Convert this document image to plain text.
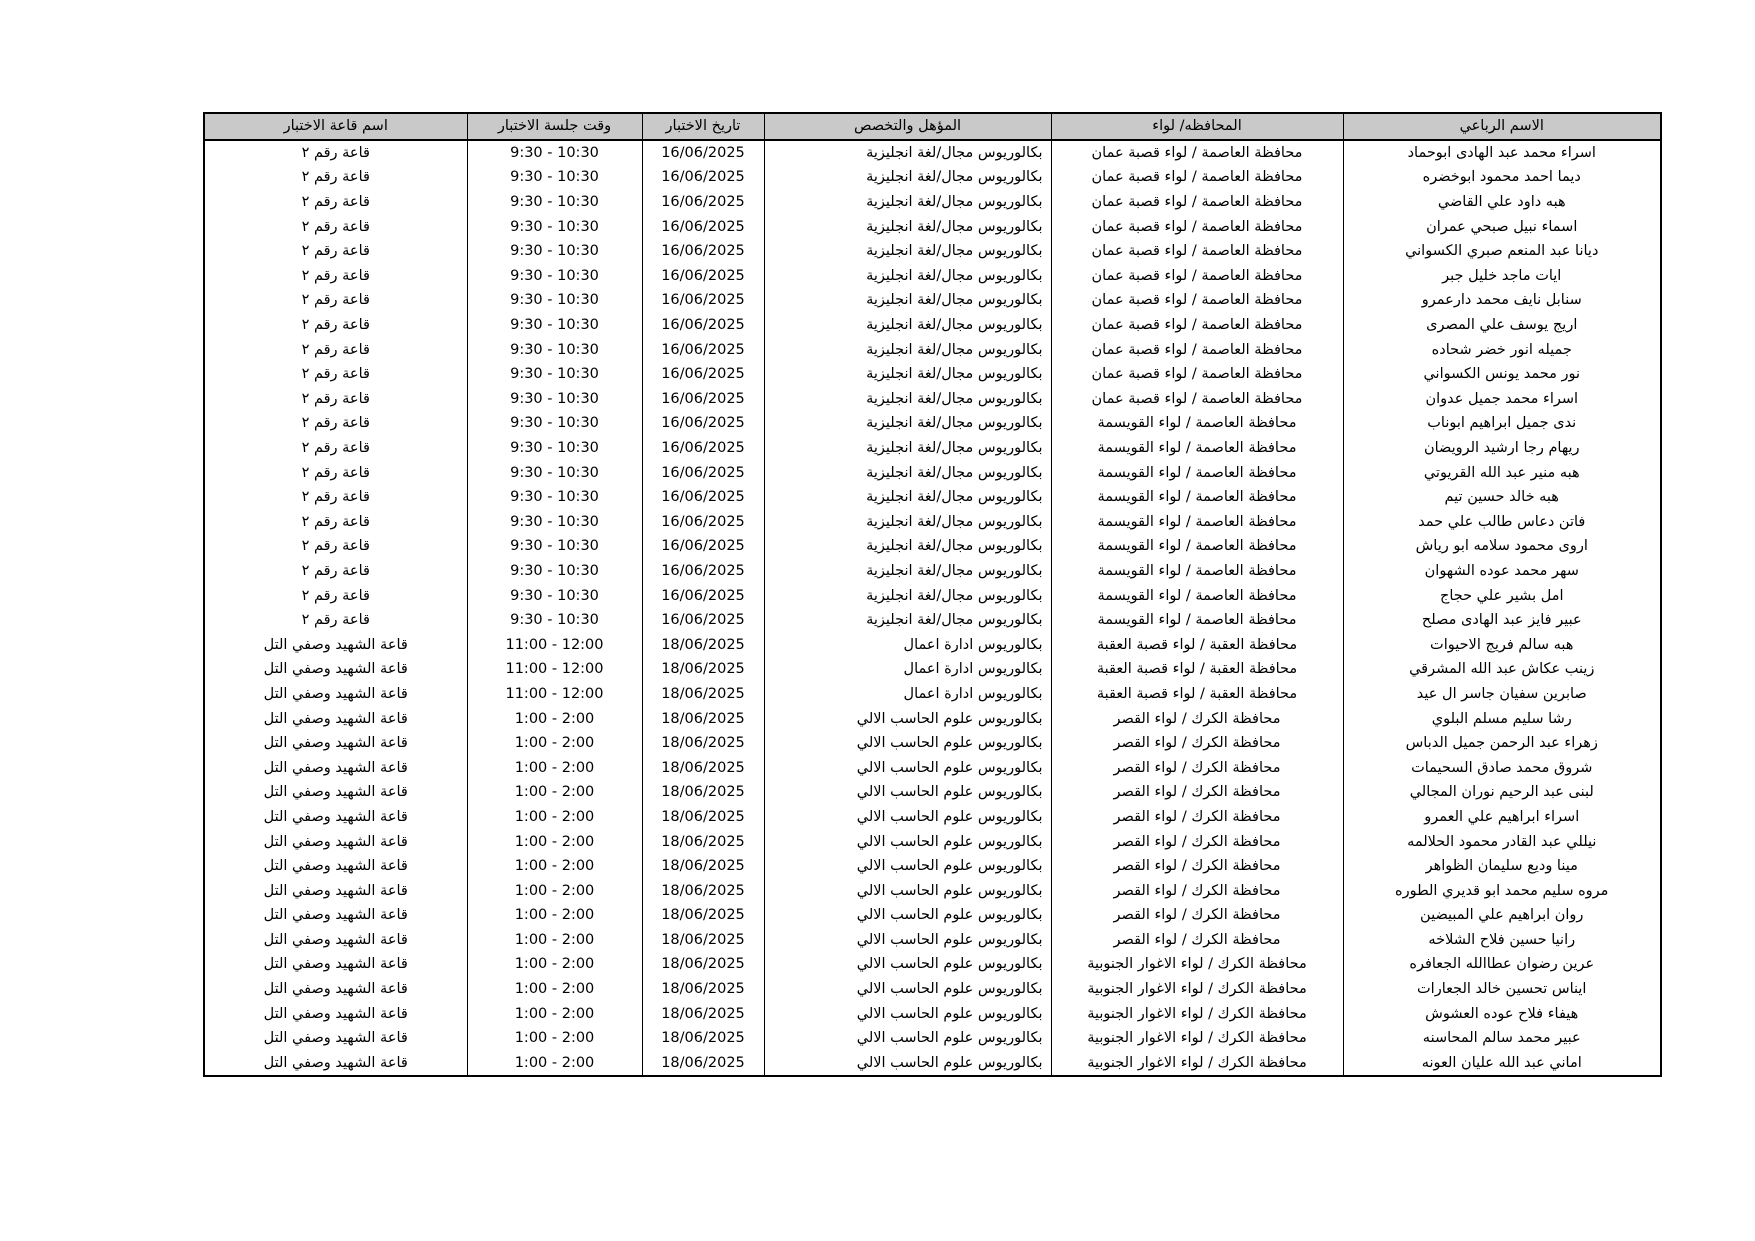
الاسم الرباعي	المحافظه/ لواء	المؤهل والتخصص	تاريخ الاختبار	وقت جلسة الاختبار	اسم قاعة الاختبار
اسراء محمد عبد الهادى ابوحماد	محافظة العاصمة / لواء قصبة عمان	بكالوريوس مجال/لغة انجليزية	16/06/2025	9:30 - 10:30	قاعة رقم ٢
ديما احمد محمود ابوخضره	محافظة العاصمة / لواء قصبة عمان	بكالوريوس مجال/لغة انجليزية	16/06/2025	9:30 - 10:30	قاعة رقم ٢
هبه داود علي القاضي	محافظة العاصمة / لواء قصبة عمان	بكالوريوس مجال/لغة انجليزية	16/06/2025	9:30 - 10:30	قاعة رقم ٢
اسماء نبيل صبحي عمران	محافظة العاصمة / لواء قصبة عمان	بكالوريوس مجال/لغة انجليزية	16/06/2025	9:30 - 10:30	قاعة رقم ٢
ديانا عبد المنعم صبري الكسواني	محافظة العاصمة / لواء قصبة عمان	بكالوريوس مجال/لغة انجليزية	16/06/2025	9:30 - 10:30	قاعة رقم ٢
ايات ماجد خليل جبر	محافظة العاصمة / لواء قصبة عمان	بكالوريوس مجال/لغة انجليزية	16/06/2025	9:30 - 10:30	قاعة رقم ٢
سنابل نايف محمد دارعمرو	محافظة العاصمة / لواء قصبة عمان	بكالوريوس مجال/لغة انجليزية	16/06/2025	9:30 - 10:30	قاعة رقم ٢
اريج يوسف علي المصرى	محافظة العاصمة / لواء قصبة عمان	بكالوريوس مجال/لغة انجليزية	16/06/2025	9:30 - 10:30	قاعة رقم ٢
جميله انور خضر شحاده	محافظة العاصمة / لواء قصبة عمان	بكالوريوس مجال/لغة انجليزية	16/06/2025	9:30 - 10:30	قاعة رقم ٢
نور محمد يونس الكسواني	محافظة العاصمة / لواء قصبة عمان	بكالوريوس مجال/لغة انجليزية	16/06/2025	9:30 - 10:30	قاعة رقم ٢
اسراء محمد جميل عدوان	محافظة العاصمة / لواء قصبة عمان	بكالوريوس مجال/لغة انجليزية	16/06/2025	9:30 - 10:30	قاعة رقم ٢
ندى جميل ابراهيم ابوناب	محافظة العاصمة / لواء القويسمة	بكالوريوس مجال/لغة انجليزية	16/06/2025	9:30 - 10:30	قاعة رقم ٢
ريهام رجا ارشيد الرويضان	محافظة العاصمة / لواء القويسمة	بكالوريوس مجال/لغة انجليزية	16/06/2025	9:30 - 10:30	قاعة رقم ٢
هبه منير عبد الله القريوتي	محافظة العاصمة / لواء القويسمة	بكالوريوس مجال/لغة انجليزية	16/06/2025	9:30 - 10:30	قاعة رقم ٢
هبه خالد حسين تيم	محافظة العاصمة / لواء القويسمة	بكالوريوس مجال/لغة انجليزية	16/06/2025	9:30 - 10:30	قاعة رقم ٢
فاتن دعاس طالب علي حمد	محافظة العاصمة / لواء القويسمة	بكالوريوس مجال/لغة انجليزية	16/06/2025	9:30 - 10:30	قاعة رقم ٢
اروى محمود سلامه ابو رياش	محافظة العاصمة / لواء القويسمة	بكالوريوس مجال/لغة انجليزية	16/06/2025	9:30 - 10:30	قاعة رقم ٢
سهر محمد عوده الشهوان	محافظة العاصمة / لواء القويسمة	بكالوريوس مجال/لغة انجليزية	16/06/2025	9:30 - 10:30	قاعة رقم ٢
امل بشير علي حجاج	محافظة العاصمة / لواء القويسمة	بكالوريوس مجال/لغة انجليزية	16/06/2025	9:30 - 10:30	قاعة رقم ٢
عبير فايز عبد الهادى مصلح	محافظة العاصمة / لواء القويسمة	بكالوريوس مجال/لغة انجليزية	16/06/2025	9:30 - 10:30	قاعة رقم ٢
هبه سالم فريج الاحيوات	محافظة العقبة / لواء قصبة العقبة	بكالوريوس ادارة اعمال	18/06/2025	11:00 - 12:00	قاعة الشهيد وصفي التل
زينب عكاش عبد الله المشرقي	محافظة العقبة / لواء قصبة العقبة	بكالوريوس ادارة اعمال	18/06/2025	11:00 - 12:00	قاعة الشهيد وصفي التل
صابرين سفيان جاسر ال عيد	محافظة العقبة / لواء قصبة العقبة	بكالوريوس ادارة اعمال	18/06/2025	11:00 - 12:00	قاعة الشهيد وصفي التل
رشا سليم مسلم البلوي	محافظة الكرك / لواء القصر	بكالوريوس علوم الحاسب الالي	18/06/2025	1:00 - 2:00	قاعة الشهيد وصفي التل
زهراء عبد الرحمن جميل الدباس	محافظة الكرك / لواء القصر	بكالوريوس علوم الحاسب الالي	18/06/2025	1:00 - 2:00	قاعة الشهيد وصفي التل
شروق محمد صادق السحيمات	محافظة الكرك / لواء القصر	بكالوريوس علوم الحاسب الالي	18/06/2025	1:00 - 2:00	قاعة الشهيد وصفي التل
لبنى عبد الرحيم نوران المجالي	محافظة الكرك / لواء القصر	بكالوريوس علوم الحاسب الالي	18/06/2025	1:00 - 2:00	قاعة الشهيد وصفي التل
اسراء ابراهيم علي العمرو	محافظة الكرك / لواء القصر	بكالوريوس علوم الحاسب الالي	18/06/2025	1:00 - 2:00	قاعة الشهيد وصفي التل
نيللي عبد القادر محمود الحلالمه	محافظة الكرك / لواء القصر	بكالوريوس علوم الحاسب الالي	18/06/2025	1:00 - 2:00	قاعة الشهيد وصفي التل
مينا وديع سليمان الظواهر	محافظة الكرك / لواء القصر	بكالوريوس علوم الحاسب الالي	18/06/2025	1:00 - 2:00	قاعة الشهيد وصفي التل
مروه سليم محمد ابو قديري الطوره	محافظة الكرك / لواء القصر	بكالوريوس علوم الحاسب الالي	18/06/2025	1:00 - 2:00	قاعة الشهيد وصفي التل
روان ابراهيم علي المبيضين	محافظة الكرك / لواء القصر	بكالوريوس علوم الحاسب الالي	18/06/2025	1:00 - 2:00	قاعة الشهيد وصفي التل
رانيا حسين فلاح الشلاخه	محافظة الكرك / لواء القصر	بكالوريوس علوم الحاسب الالي	18/06/2025	1:00 - 2:00	قاعة الشهيد وصفي التل
عرين رضوان عطاالله الجعافره	محافظة الكرك / لواء الاغوار الجنوبية	بكالوريوس علوم الحاسب الالي	18/06/2025	1:00 - 2:00	قاعة الشهيد وصفي التل
ايناس تحسين خالد الجعارات	محافظة الكرك / لواء الاغوار الجنوبية	بكالوريوس علوم الحاسب الالي	18/06/2025	1:00 - 2:00	قاعة الشهيد وصفي التل
هيفاء فلاح عوده العشوش	محافظة الكرك / لواء الاغوار الجنوبية	بكالوريوس علوم الحاسب الالي	18/06/2025	1:00 - 2:00	قاعة الشهيد وصفي التل
عبير محمد سالم المحاسنه	محافظة الكرك / لواء الاغوار الجنوبية	بكالوريوس علوم الحاسب الالي	18/06/2025	1:00 - 2:00	قاعة الشهيد وصفي التل
اماني عبد الله عليان العونه	محافظة الكرك / لواء الاغوار الجنوبية	بكالوريوس علوم الحاسب الالي	18/06/2025	1:00 - 2:00	قاعة الشهيد وصفي التل
